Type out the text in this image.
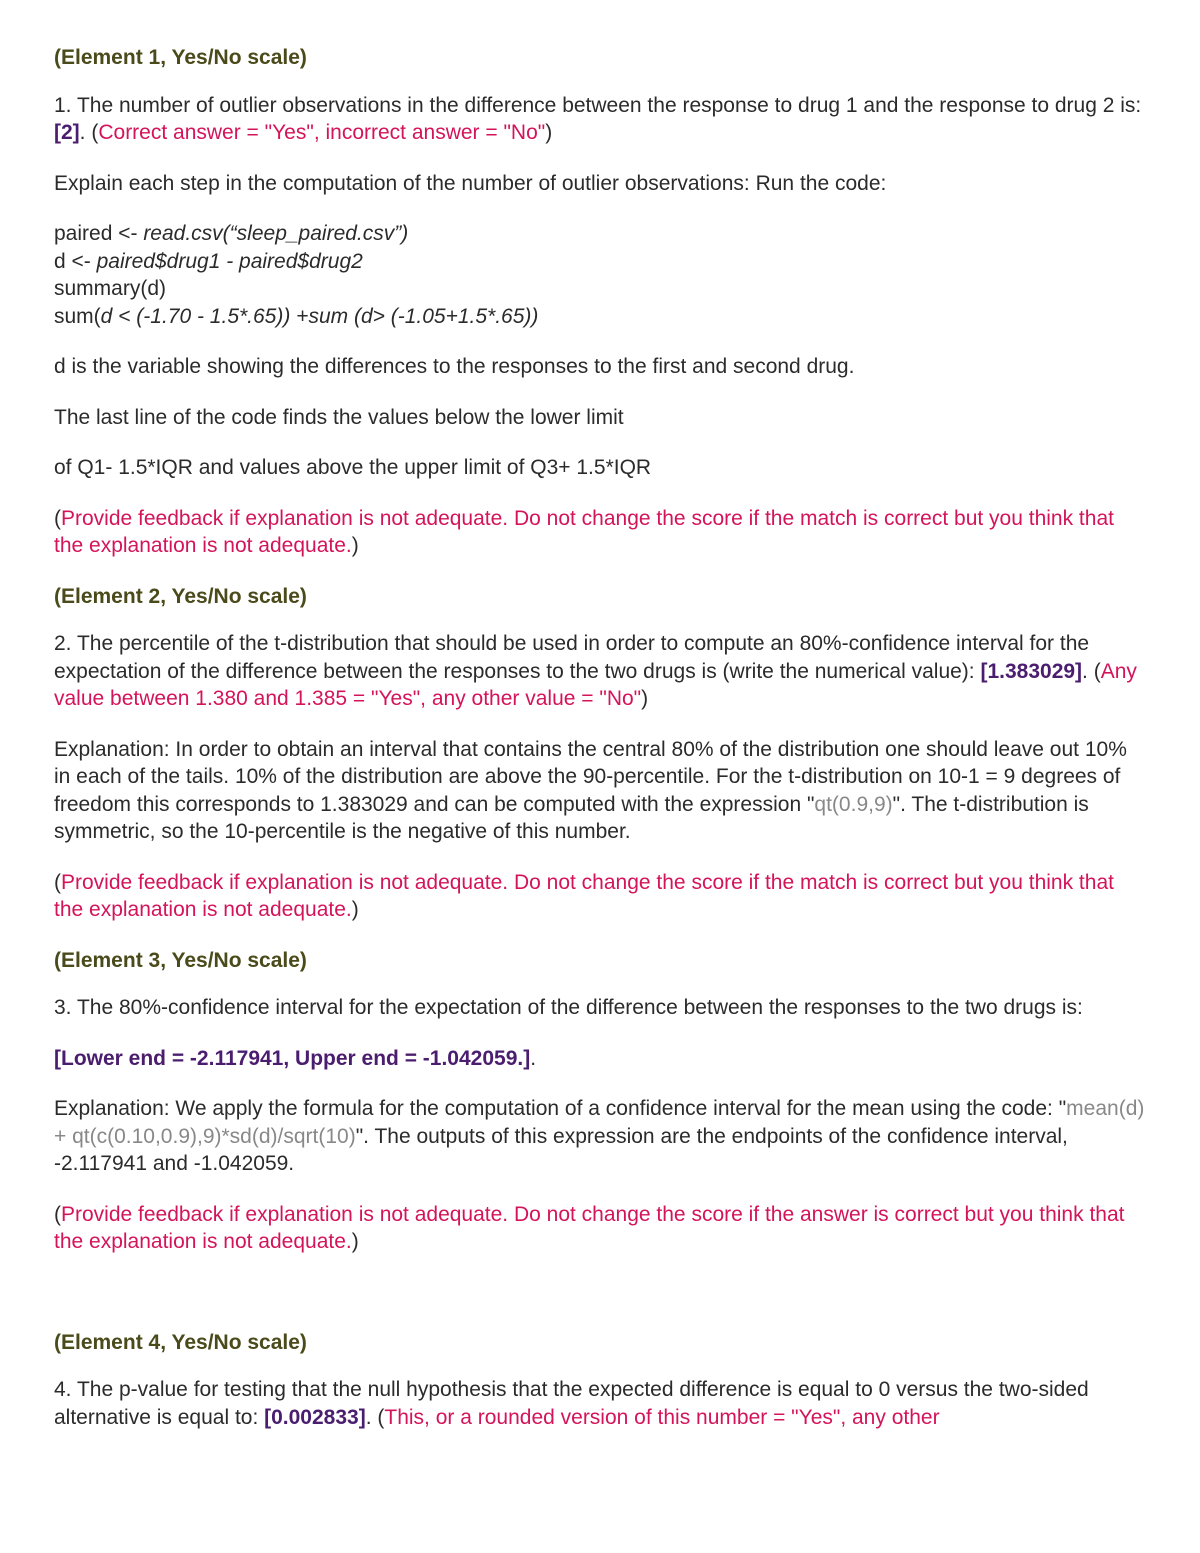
(Element 1, Yes/No scale)

1. The number of outlier observations in the difference between the response to drug 1 and the response to drug 2 is: [2]. (Correct answer = "Yes", incorrect answer = "No")

Explain each step in the computation of the number of outlier observations: Run the code:

paired <- read.csv(“sleep_paired.csv”)
d <- paired$drug1 - paired$drug2
summary(d)
sum(d < (-1.70 - 1.5*.65)) +sum (d> (-1.05+1.5*.65))

d is the variable showing the differences to the responses to the first and second drug.

The last line of the code finds the values below the lower limit

of Q1- 1.5*IQR and values above the upper limit of Q3+ 1.5*IQR

(Provide feedback if explanation is not adequate. Do not change the score if the match is correct but you think that the explanation is not adequate.)

(Element 2, Yes/No scale)

2. The percentile of the t-distribution that should be used in order to compute an 80%-confidence interval for the expectation of the difference between the responses to the two drugs is (write the numerical value): [1.383029]. (Any value between 1.380 and 1.385 = "Yes", any other value = "No")

Explanation: In order to obtain an interval that contains the central 80% of the distribution one should leave out 10% in each of the tails. 10% of the distribution are above the 90-percentile. For the t-distribution on 10-1 = 9 degrees of freedom this corresponds to 1.383029 and can be computed with the expression "qt(0.9,9)". The t-distribution is symmetric, so the 10-percentile is the negative of this number.

(Provide feedback if explanation is not adequate. Do not change the score if the match is correct but you think that the explanation is not adequate.)

(Element 3, Yes/No scale)

3. The 80%-confidence interval for the expectation of the difference between the responses to the two drugs is:

[Lower end = -2.117941, Upper end = -1.042059.].

Explanation: We apply the formula for the computation of a confidence interval for the mean using the code: "mean(d) + qt(c(0.10,0.9),9)*sd(d)/sqrt(10)". The outputs of this expression are the endpoints of the confidence interval, -2.117941 and -1.042059.

(Provide feedback if explanation is not adequate. Do not change the score if the answer is correct but you think that the explanation is not adequate.)

(Element 4, Yes/No scale)

4. The p-value for testing that the null hypothesis that the expected difference is equal to 0 versus the two-sided alternative is equal to: [0.002833]. (This, or a rounded version of this number = "Yes", any other
